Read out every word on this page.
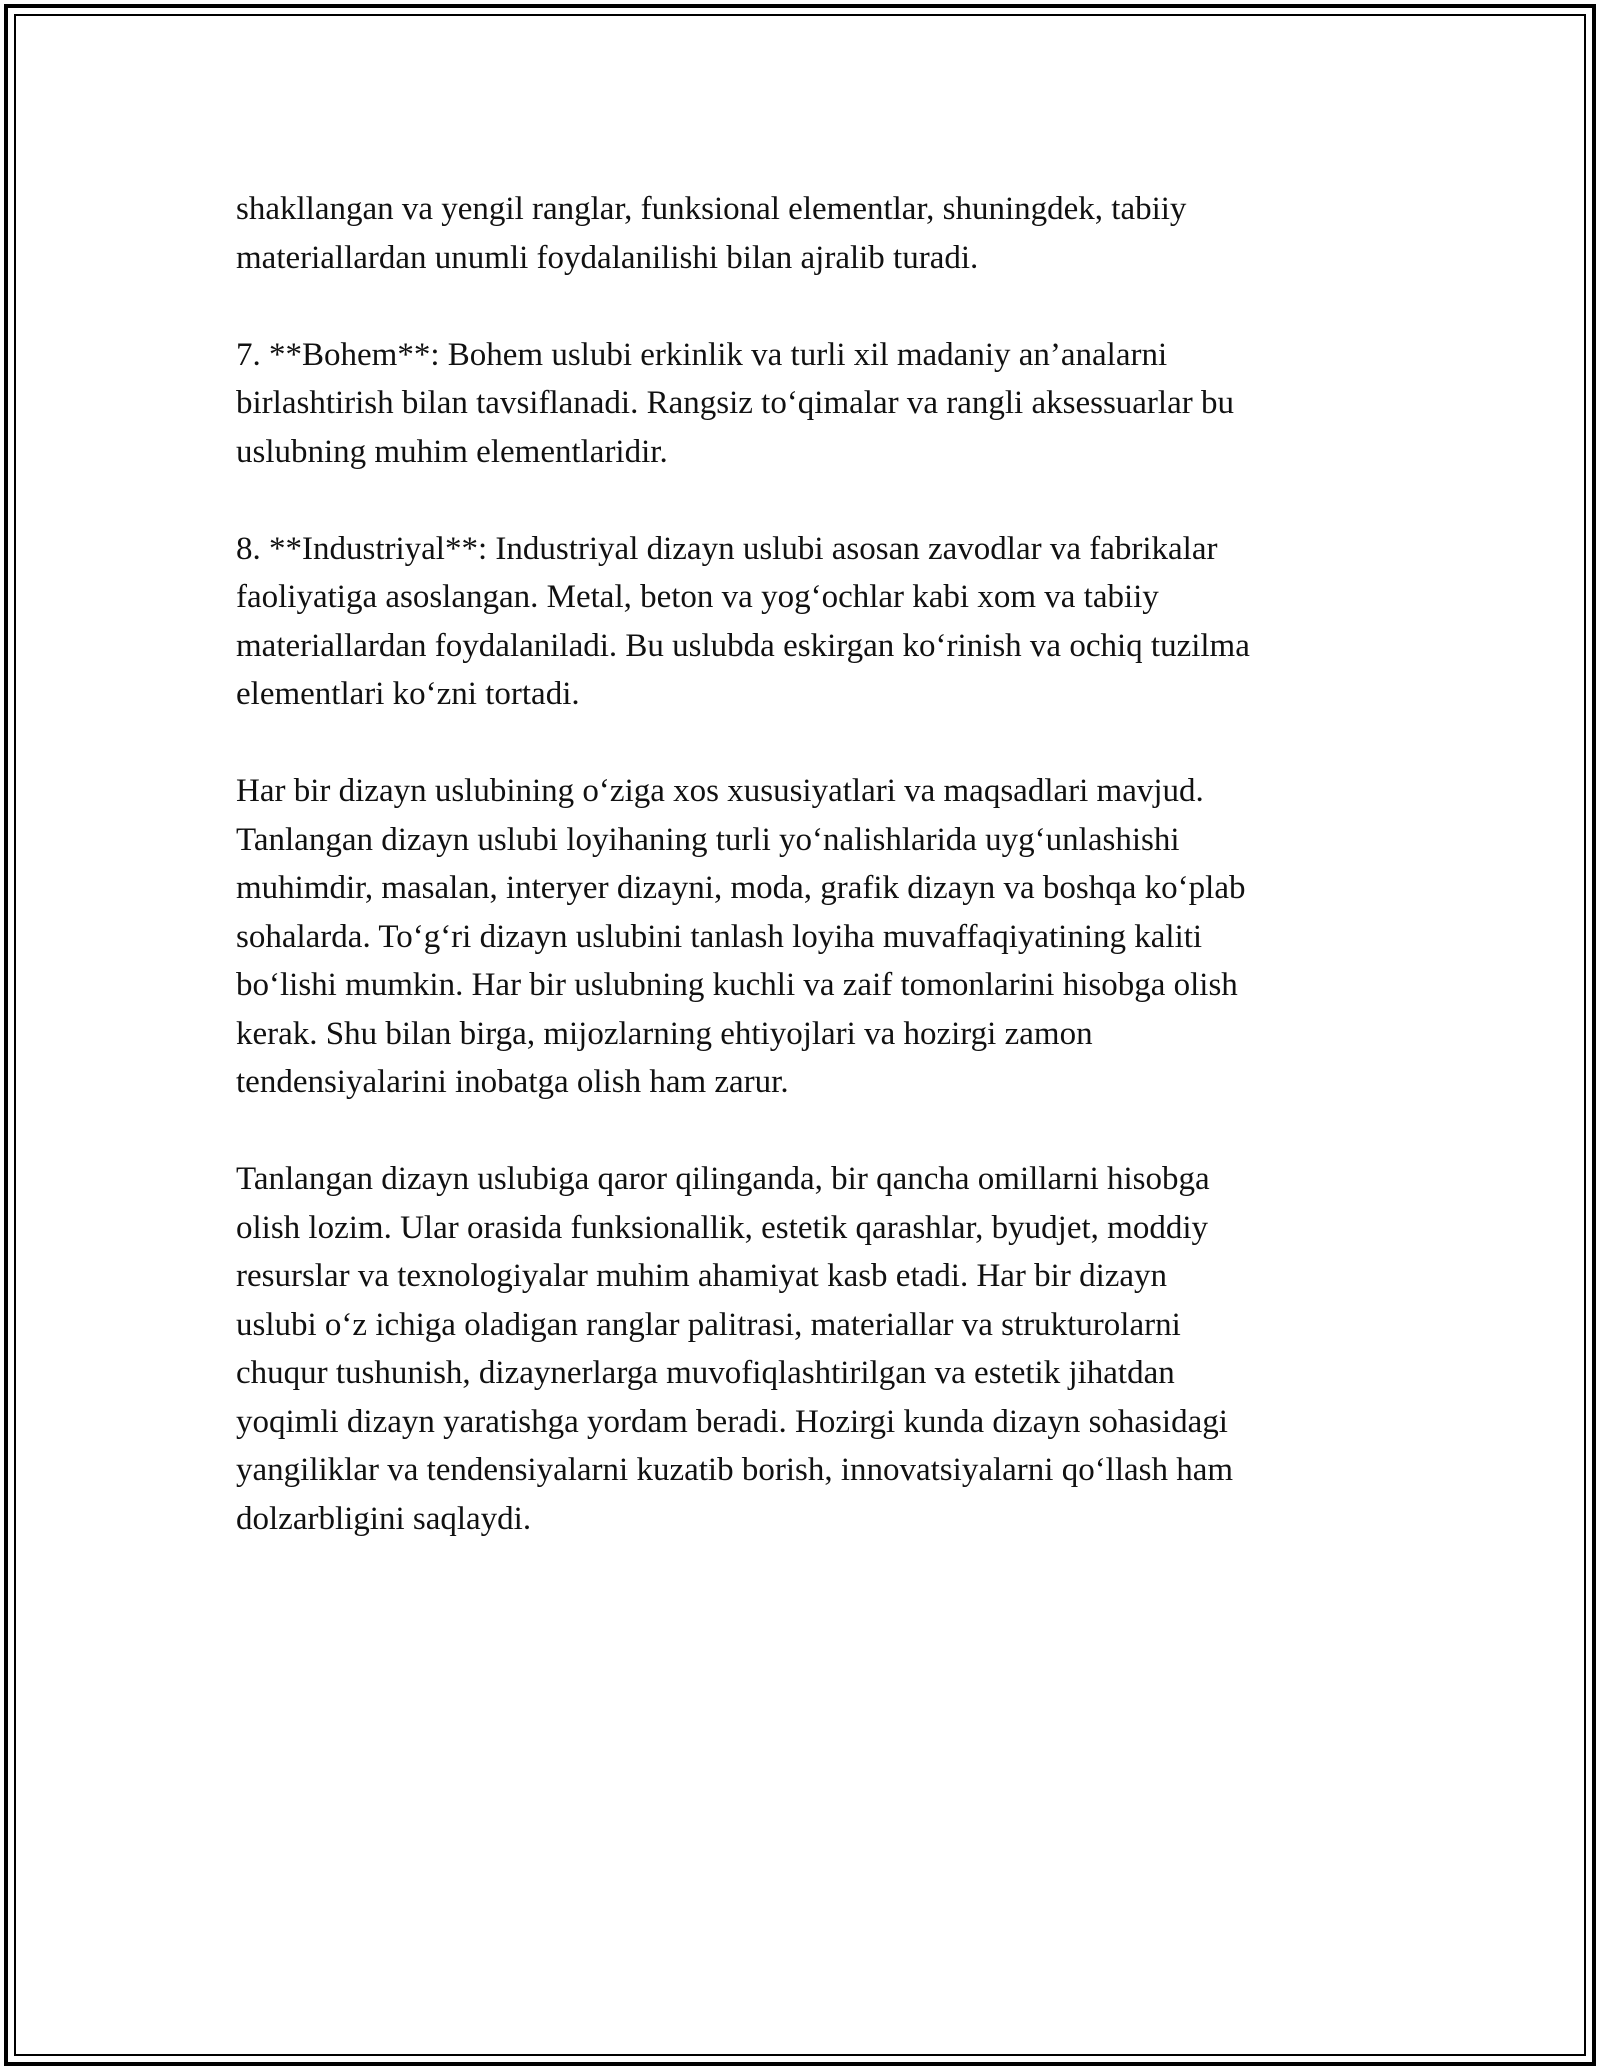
shakllangan va yengil ranglar, funksional elementlar, shuningdek, tabiiy
materiallardan unumli foydalanilishi bilan ajralib turadi.

7. **Bohem**: Bohem uslubi erkinlik va turli xil madaniy an’analarni
birlashtirish bilan tavsiflanadi. Rangsiz to‘qimalar va rangli aksessuarlar bu
uslubning muhim elementlaridir.

8. **Industriyal**: Industriyal dizayn uslubi asosan zavodlar va fabrikalar
faoliyatiga asoslangan. Metal, beton va yog‘ochlar kabi xom va tabiiy
materiallardan foydalaniladi. Bu uslubda eskirgan ko‘rinish va ochiq tuzilma
elementlari ko‘zni tortadi.

Har bir dizayn uslubining o‘ziga xos xususiyatlari va maqsadlari mavjud.
Tanlangan dizayn uslubi loyihaning turli yo‘nalishlarida uyg‘unlashishi
muhimdir, masalan, interyer dizayni, moda, grafik dizayn va boshqa ko‘plab
sohalarda. To‘g‘ri dizayn uslubini tanlash loyiha muvaffaqiyatining kaliti
bo‘lishi mumkin. Har bir uslubning kuchli va zaif tomonlarini hisobga olish
kerak. Shu bilan birga, mijozlarning ehtiyojlari va hozirgi zamon
tendensiyalarini inobatga olish ham zarur.

Tanlangan dizayn uslubiga qaror qilinganda, bir qancha omillarni hisobga
olish lozim. Ular orasida funksionallik, estetik qarashlar, byudjet, moddiy
resurslar va texnologiyalar muhim ahamiyat kasb etadi. Har bir dizayn
uslubi o‘z ichiga oladigan ranglar palitrasi, materiallar va strukturolarni
chuqur tushunish, dizaynerlarga muvofiqlashtirilgan va estetik jihatdan
yoqimli dizayn yaratishga yordam beradi. Hozirgi kunda dizayn sohasidagi
yangiliklar va tendensiyalarni kuzatib borish, innovatsiyalarni qo‘llash ham
dolzarbligini saqlaydi.
